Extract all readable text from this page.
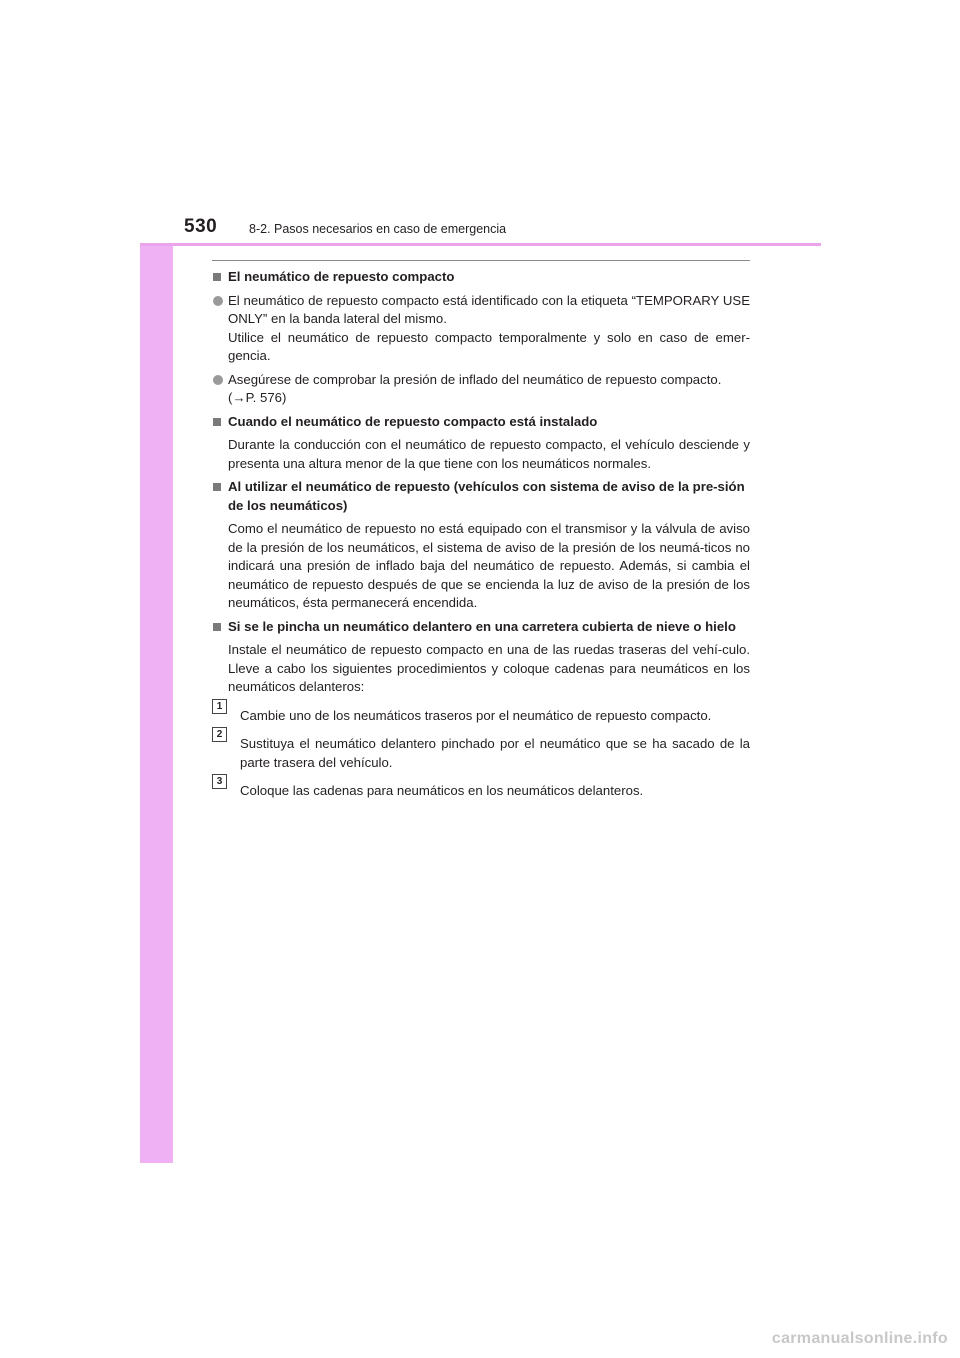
530	8-2. Pasos necesarios en caso de emergencia
El neumático de repuesto compacto
El neumático de repuesto compacto está identificado con la etiqueta “TEMPORARY USE ONLY” en la banda lateral del mismo.
Utilice el neumático de repuesto compacto temporalmente y solo en caso de emer-gencia.
Asegúrese de comprobar la presión de inflado del neumático de repuesto compacto.
(→P. 576)
Cuando el neumático de repuesto compacto está instalado
Durante la conducción con el neumático de repuesto compacto, el vehículo desciende y presenta una altura menor de la que tiene con los neumáticos normales.
Al utilizar el neumático de repuesto (vehículos con sistema de aviso de la pre-sión de los neumáticos)
Como el neumático de repuesto no está equipado con el transmisor y la válvula de aviso de la presión de los neumáticos, el sistema de aviso de la presión de los neumá-ticos no indicará una presión de inflado baja del neumático de repuesto. Además, si cambia el neumático de repuesto después de que se encienda la luz de aviso de la presión de los neumáticos, ésta permanecerá encendida.
Si se le pincha un neumático delantero en una carretera cubierta de nieve o hielo
Instale el neumático de repuesto compacto en una de las ruedas traseras del vehí-culo. Lleve a cabo los siguientes procedimientos y coloque cadenas para neumáticos en los neumáticos delanteros:
1
Cambie uno de los neumáticos traseros por el neumático de repuesto compacto.
2
Sustituya el neumático delantero pinchado por el neumático que se ha sacado de la parte trasera del vehículo.
3
Coloque las cadenas para neumáticos en los neumáticos delanteros.
carmanualsonline.info
